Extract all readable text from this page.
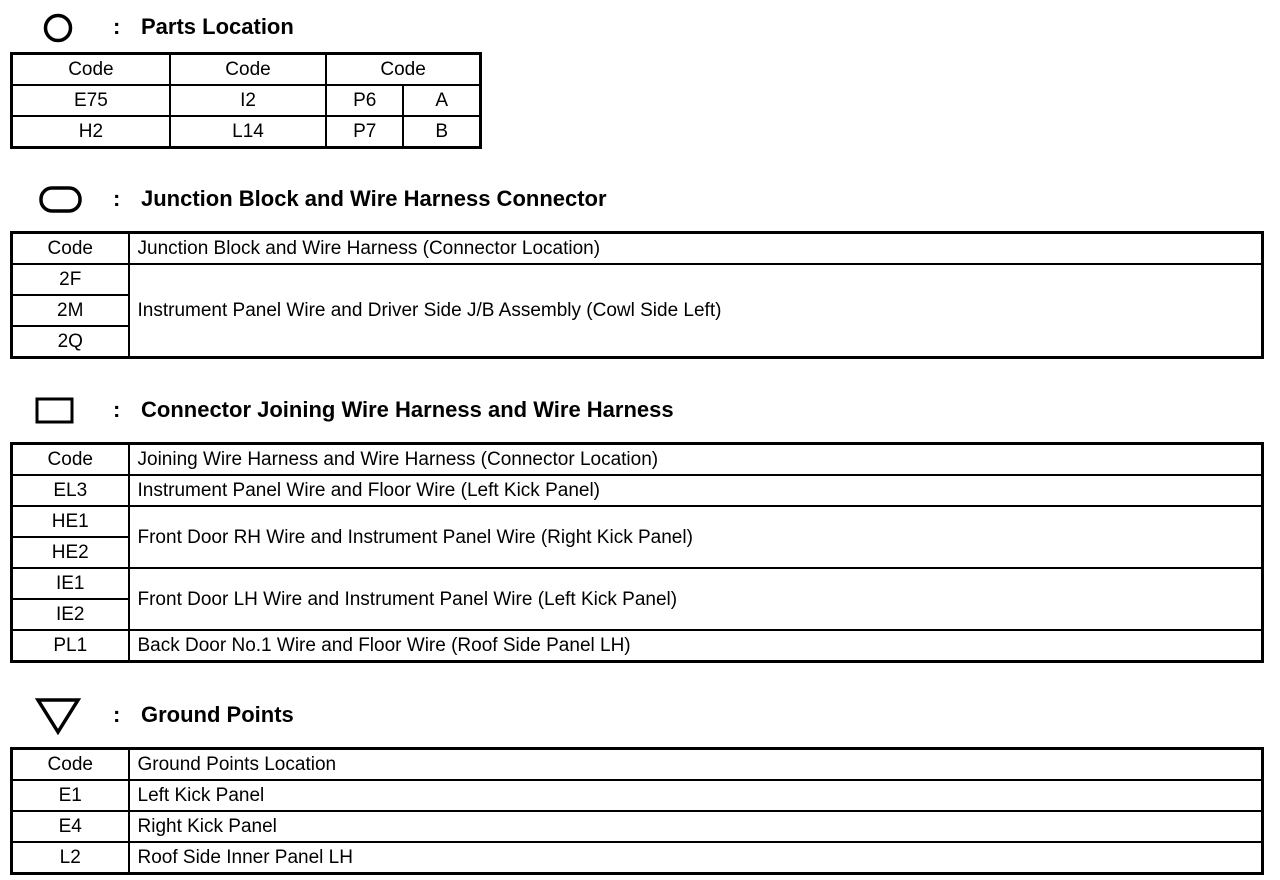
: Parts Location
Code	Code	Code	
E75	I2	P6	A
H2	L14	P7	B
: Junction Block and Wire Harness Connector
Code	Junction Block and Wire Harness (Connector Location)
2F	Instrument Panel Wire and Driver Side J/B Assembly (Cowl Side Left)
2M	
2Q	
: Connector Joining Wire Harness and Wire Harness
Code	Joining Wire Harness and Wire Harness (Connector Location)
EL3	Instrument Panel Wire and Floor Wire (Left Kick Panel)
HE1	Front Door RH Wire and Instrument Panel Wire (Right Kick Panel)
HE2	
IE1	Front Door LH Wire and Instrument Panel Wire (Left Kick Panel)
IE2	
PL1	Back Door No.1 Wire and Floor Wire (Roof Side Panel LH)
: Ground Points
Code	Ground Points Location
E1	Left Kick Panel
E4	Right Kick Panel
L2	Roof Side Inner Panel LH
